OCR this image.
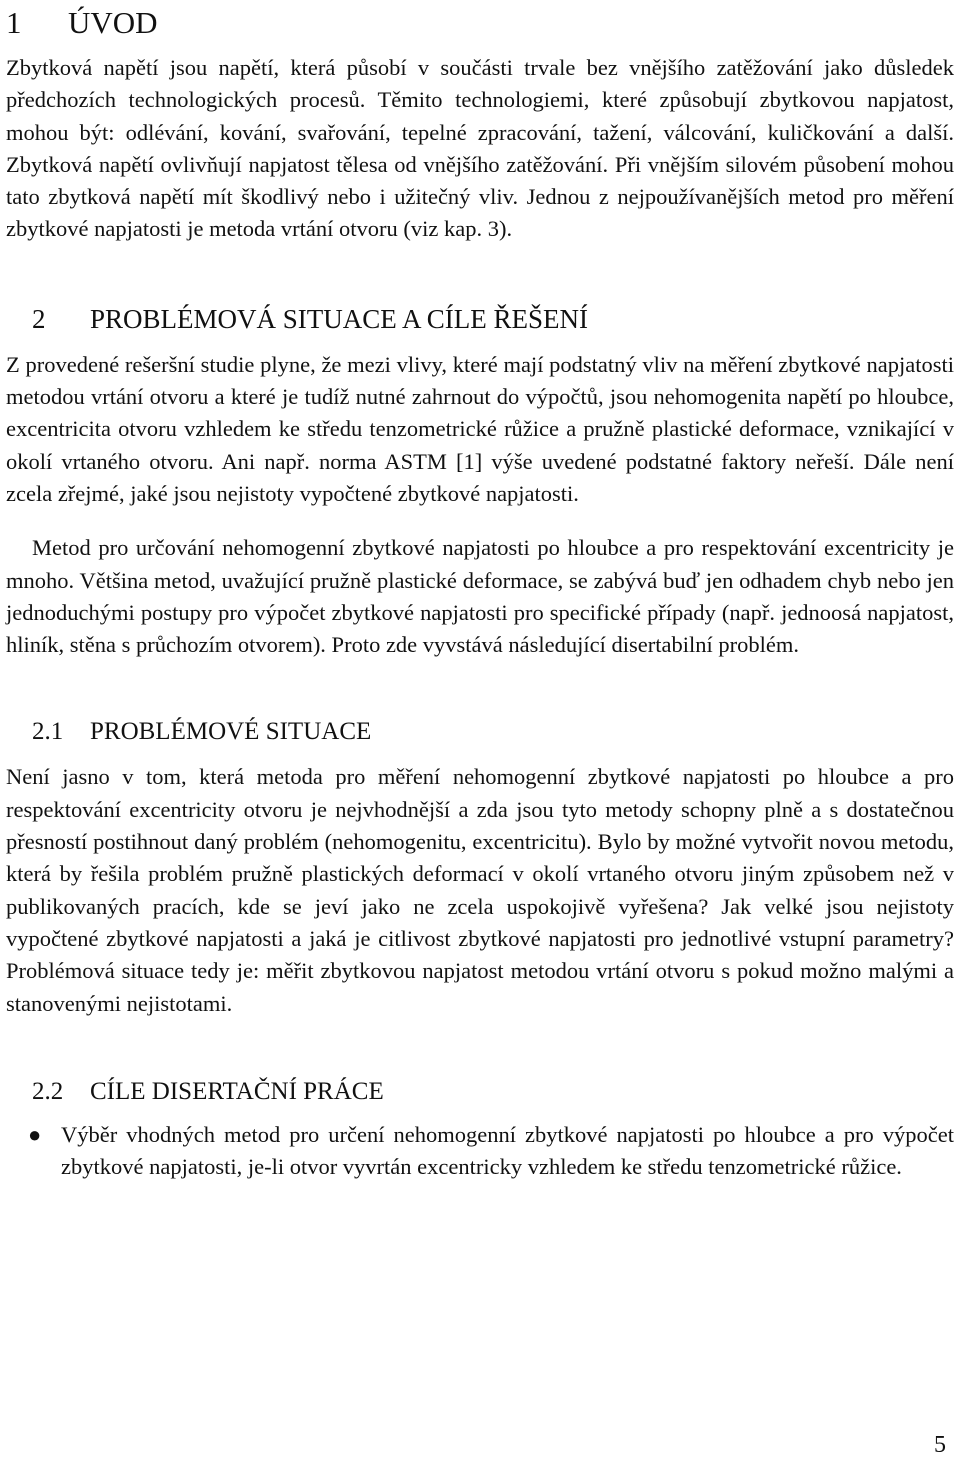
1	ÚVOD

Zbytková napětí jsou napětí, která působí v součásti trvale bez vnějšího zatěžování jako důsledek předchozích technologických procesů. Těmito technologiemi, které způsobují zbytkovou napjatost, mohou být: odlévání, kování, svařování, tepelné zpracování, tažení, válcování, kuličkování a další. Zbytková napětí ovlivňují napjatost tělesa od vnějšího zatěžování. Při vnějším silovém působení mohou tato zbytková napětí mít škodlivý nebo i užitečný vliv. Jednou z nejpoužívanějších metod pro měření zbytkové napjatosti je metoda vrtání otvoru (viz kap. 3).

2	PROBLÉMOVÁ SITUACE A CÍLE ŘEŠENÍ

Z provedené rešeršní studie plyne, že mezi vlivy, které mají podstatný vliv na měření zbytkové napjatosti metodou vrtání otvoru a které je tudíž nutné zahrnout do výpočtů, jsou nehomogenita napětí po hloubce, excentricita otvoru vzhledem ke středu tenzometrické růžice a pružně plastické deformace, vznikající v okolí vrtaného otvoru. Ani např. norma ASTM [1] výše uvedené podstatné faktory neřeší. Dále není zcela zřejmé, jaké jsou nejistoty vypočtené zbytkové napjatosti.

Metod pro určování nehomogenní zbytkové napjatosti po hloubce a pro respektování excentricity je mnoho. Většina metod, uvažující pružně plastické deformace, se zabývá buď jen odhadem chyb nebo jen jednoduchými postupy pro výpočet zbytkové napjatosti pro specifické případy (např. jednoosá napjatost, hliník, stěna s průchozím otvorem). Proto zde vyvstává následující disertabilní problém.

2.1	PROBLÉMOVÉ SITUACE

Není jasno v tom, která metoda pro měření nehomogenní zbytkové napjatosti po hloubce a pro respektování excentricity otvoru je nejvhodnější a zda jsou tyto metody schopny plně a s dostatečnou přesností postihnout daný problém (nehomogenitu, excentricitu). Bylo by možné vytvořit novou metodu, která by řešila problém pružně plastických deformací v okolí vrtaného otvoru jiným způsobem než v publikovaných pracích, kde se jeví jako ne zcela uspokojivě vyřešena? Jak velké jsou nejistoty vypočtené zbytkové napjatosti a jaká je citlivost zbytkové napjatosti pro jednotlivé vstupní parametry? Problémová situace tedy je: měřit zbytkovou napjatost metodou vrtání otvoru s pokud možno malými a stanovenými nejistotami.

2.2	CÍLE DISERTAČNÍ PRÁCE
● Výběr vhodných metod pro určení nehomogenní zbytkové napjatosti po hloubce a pro výpočet zbytkové napjatosti, je-li otvor vyvrtán excentricky vzhledem ke středu tenzometrické růžice.
5
